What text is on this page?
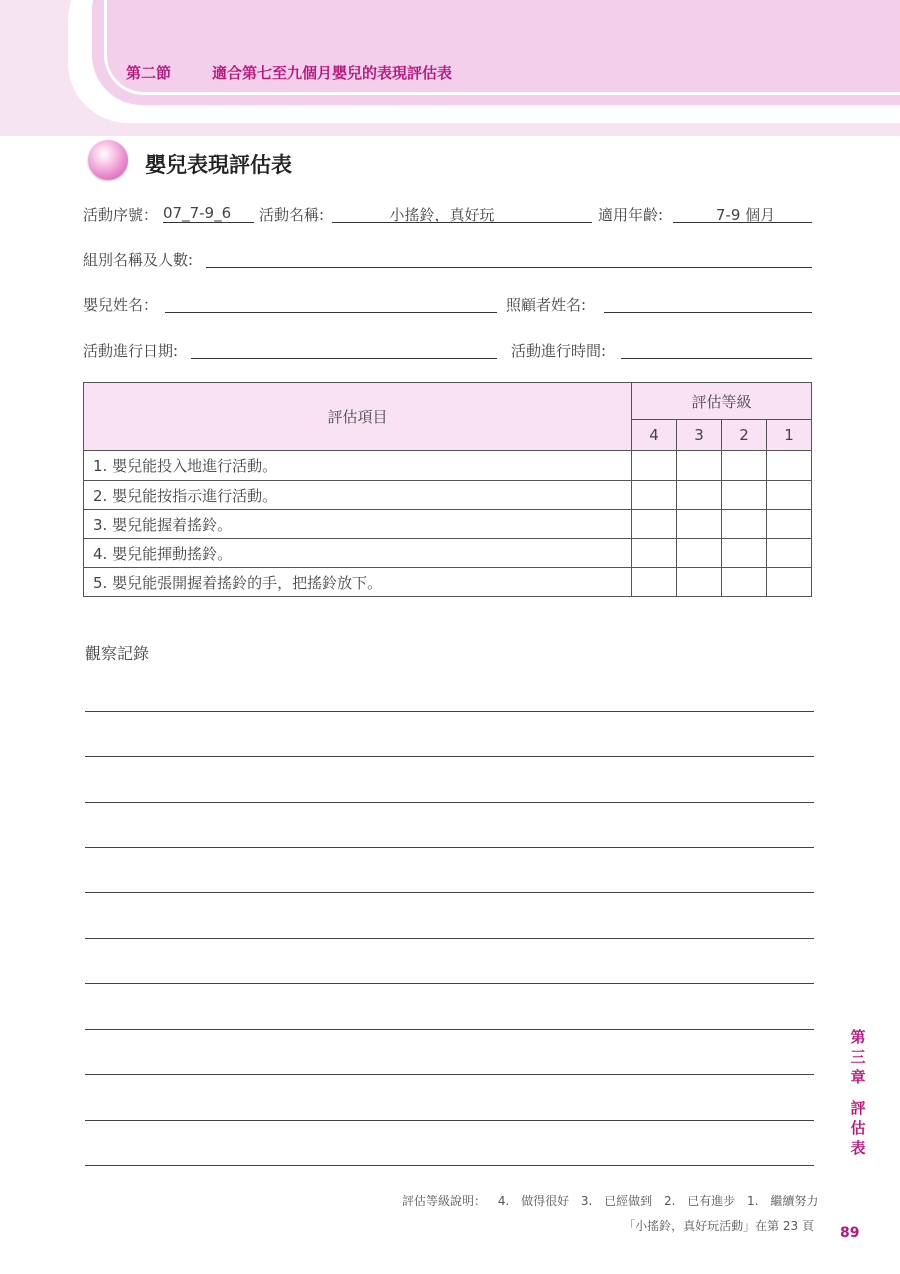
第二節	適合第七至九個月嬰兒的表現評估表
嬰兒表現評估表
活動序號： 07_7-9_6	活動名稱:	小搖鈴，真好玩	適用年齡:	7-9 個月
組別名稱及人數:
嬰兒姓名：	照顧者姓名:
活動進行日期:	活動進行時間:
評估項目	評估等級			
	4	3	2	1
1. 嬰兒能投入地進行活動。				
2. 嬰兒能按指示進行活動。				
3. 嬰兒能握着搖鈴。				
4. 嬰兒能揮動搖鈴。				
5. 嬰兒能張開握着搖鈴的手，把搖鈴放下。				
觀察記錄
第
三
章
評
估
表
評估等級說明： 4. 做得很好 3. 已經做到 2. 已有進步 1. 繼續努力
「小搖鈴，真好玩活動」在第 23 頁 89
